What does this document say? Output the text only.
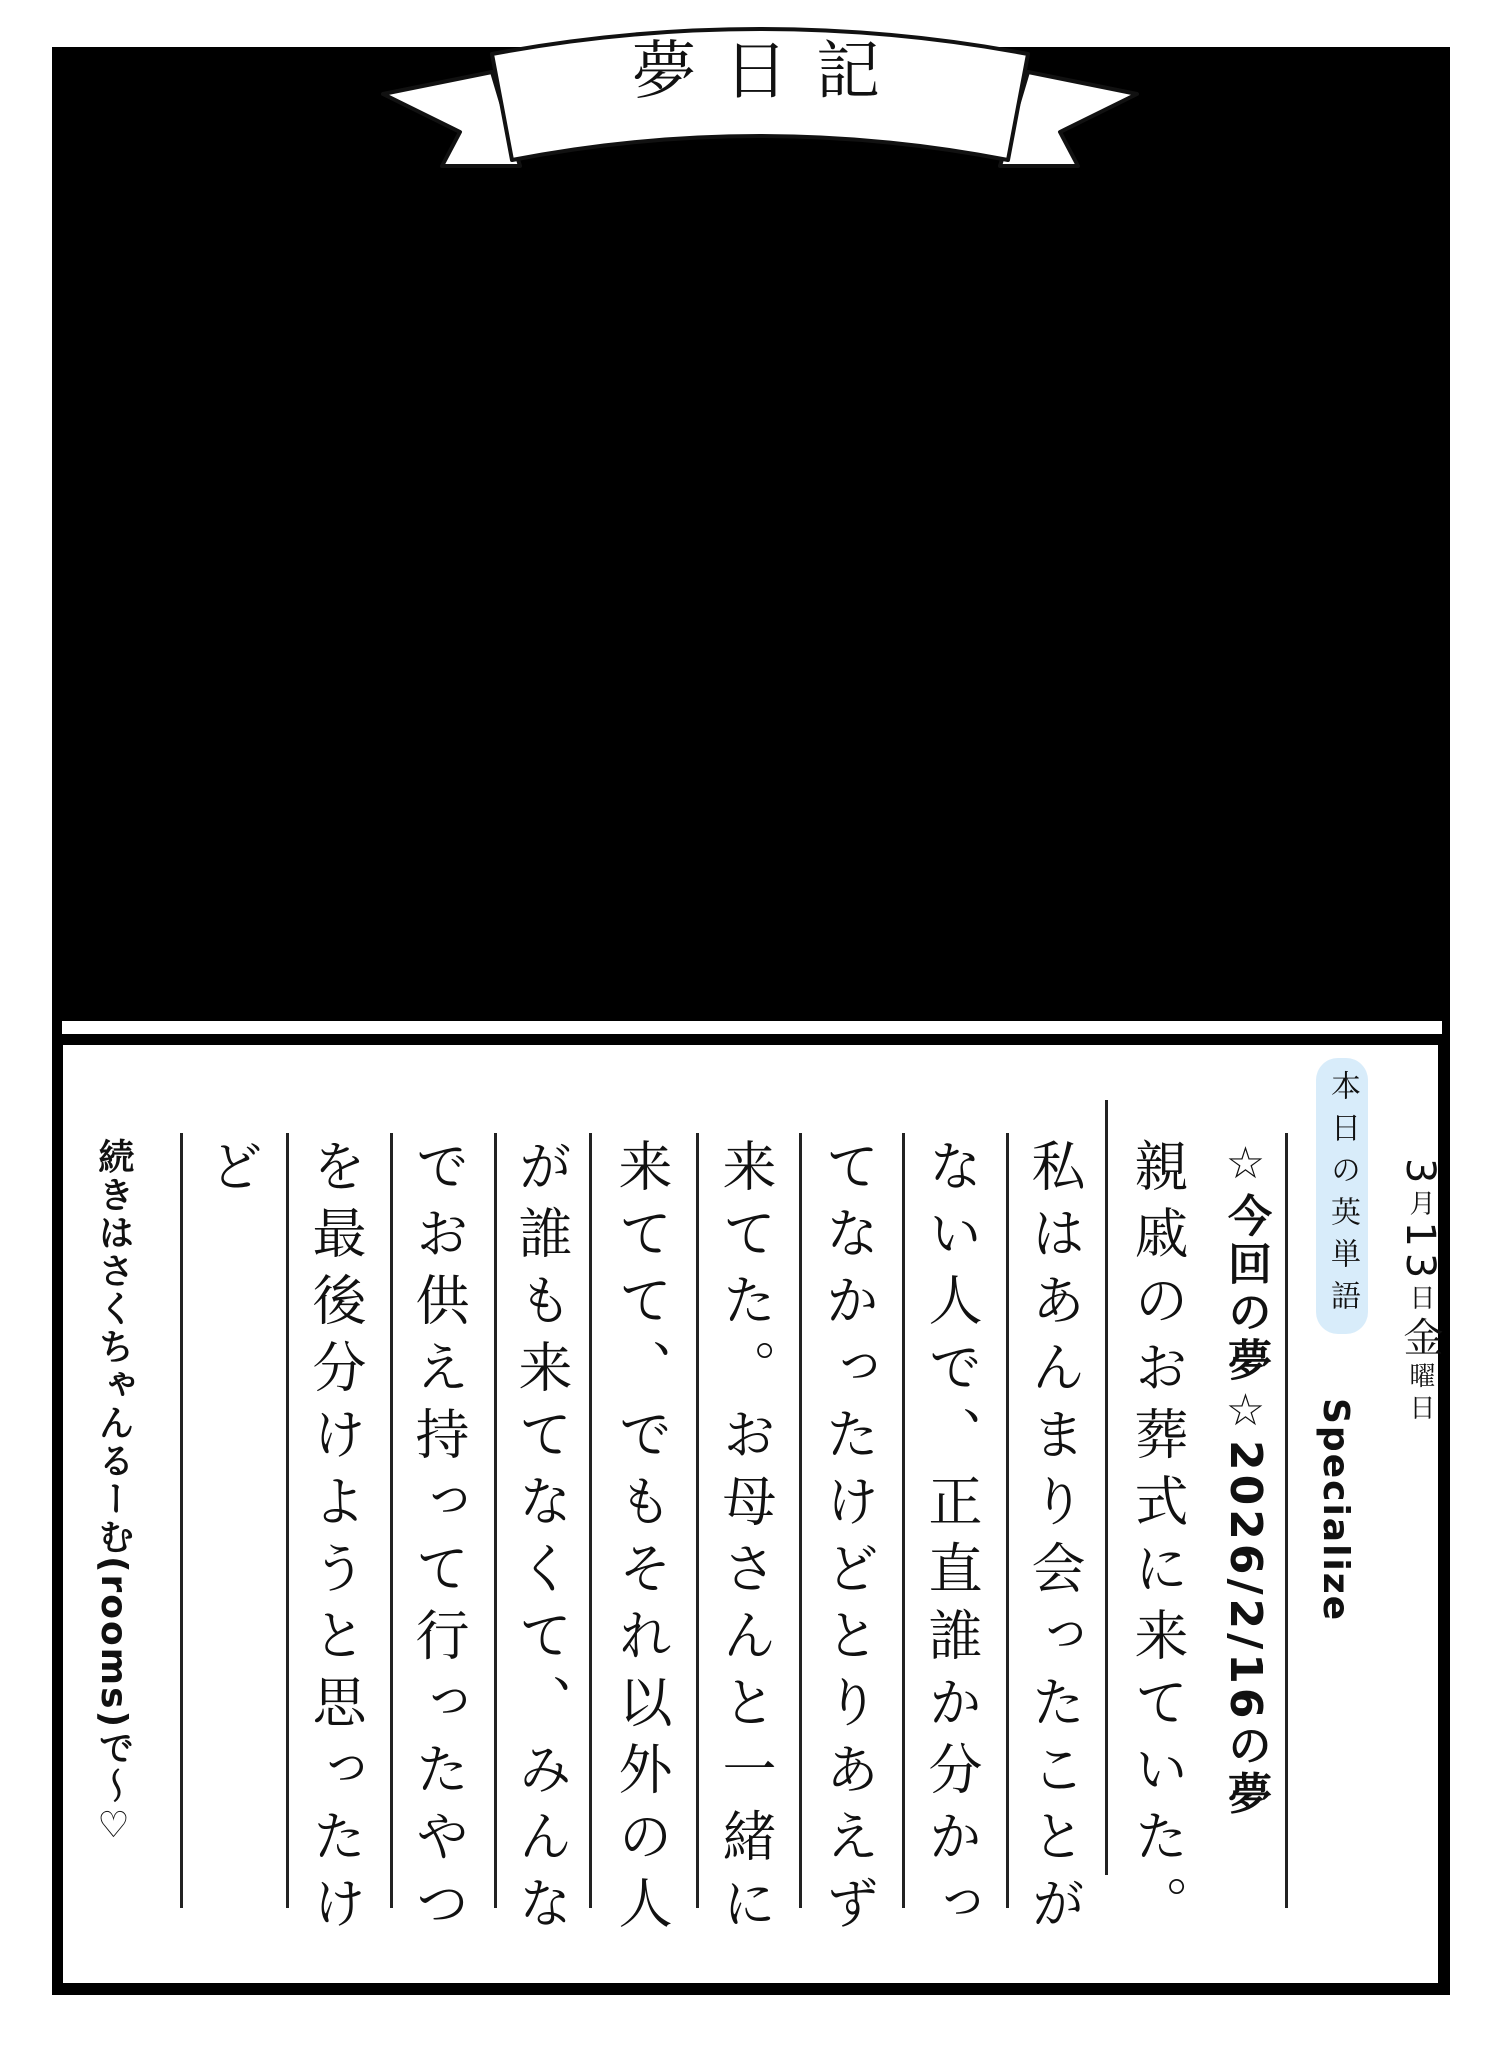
夢日記
3月13日金曜日
本日の英単語
Specialize
☆今回の夢☆2026/2/16の夢
親戚のお葬式に来ていた。
私はあんまり会ったことが
ない人で、正直誰か分かっ
てなかったけどとりあえず
来てた。お母さんと一緒に
来てて、でもそれ以外の人
が誰も来てなくて、みんな
でお供え持って行ったやつ
を最後分けようと思ったけ
ど
続きはさくちゃんるーむ(rooms)で〜♡
